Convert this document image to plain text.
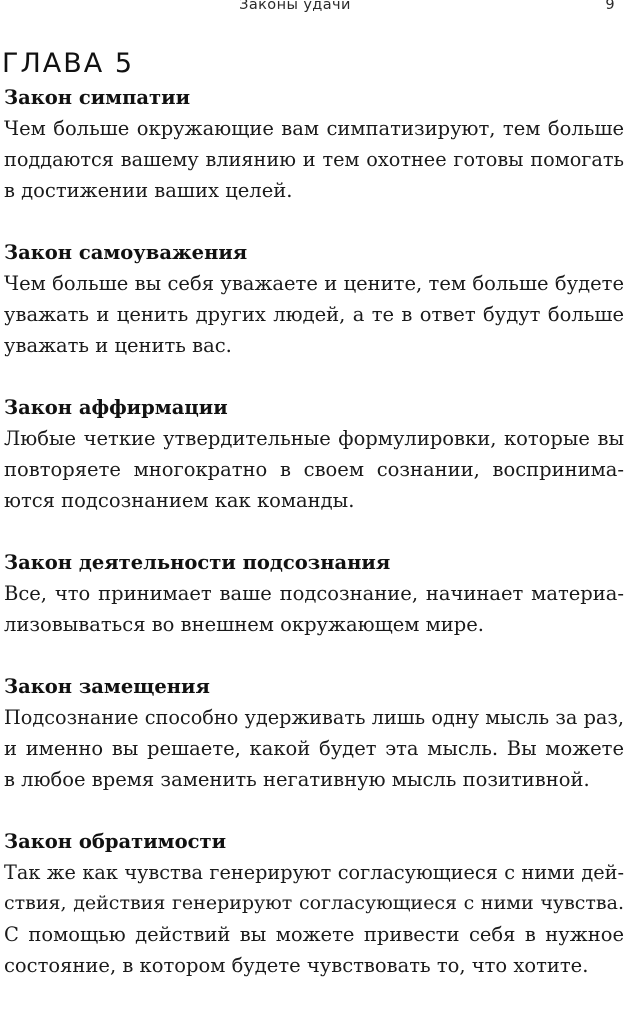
Законы удачи	9
ГЛАВА 5

Закон симпатии

Чем больше окружающие вам симпатизируют, тем больше
поддаются вашему влиянию и тем охотнее готовы помогать
в достижении ваших целей.

Закон самоуважения

Чем больше вы себя уважаете и цените, тем больше будете
уважать и ценить других людей, а те в ответ будут больше
уважать и ценить вас.

Закон аффирмации

Любые четкие утвердительные формулировки, которые вы
повторяете многократно в своем сознании, воспринима-
ются подсознанием как команды.

Закон деятельности подсознания

Все, что принимает ваше подсознание, начинает материа-
лизовываться во внешнем окружающем мире.

Закон замещения

Подсознание способно удерживать лишь одну мысль за раз,
и именно вы решаете, какой будет эта мысль. Вы можете
в любое время заменить негативную мысль позитивной.

Закон обратимости

Так же как чувства генерируют согласующиеся с ними дей-
ствия, действия генерируют согласующиеся с ними чувства.
С помощью действий вы можете привести себя в нужное
состояние, в котором будете чувствовать то, что хотите.
